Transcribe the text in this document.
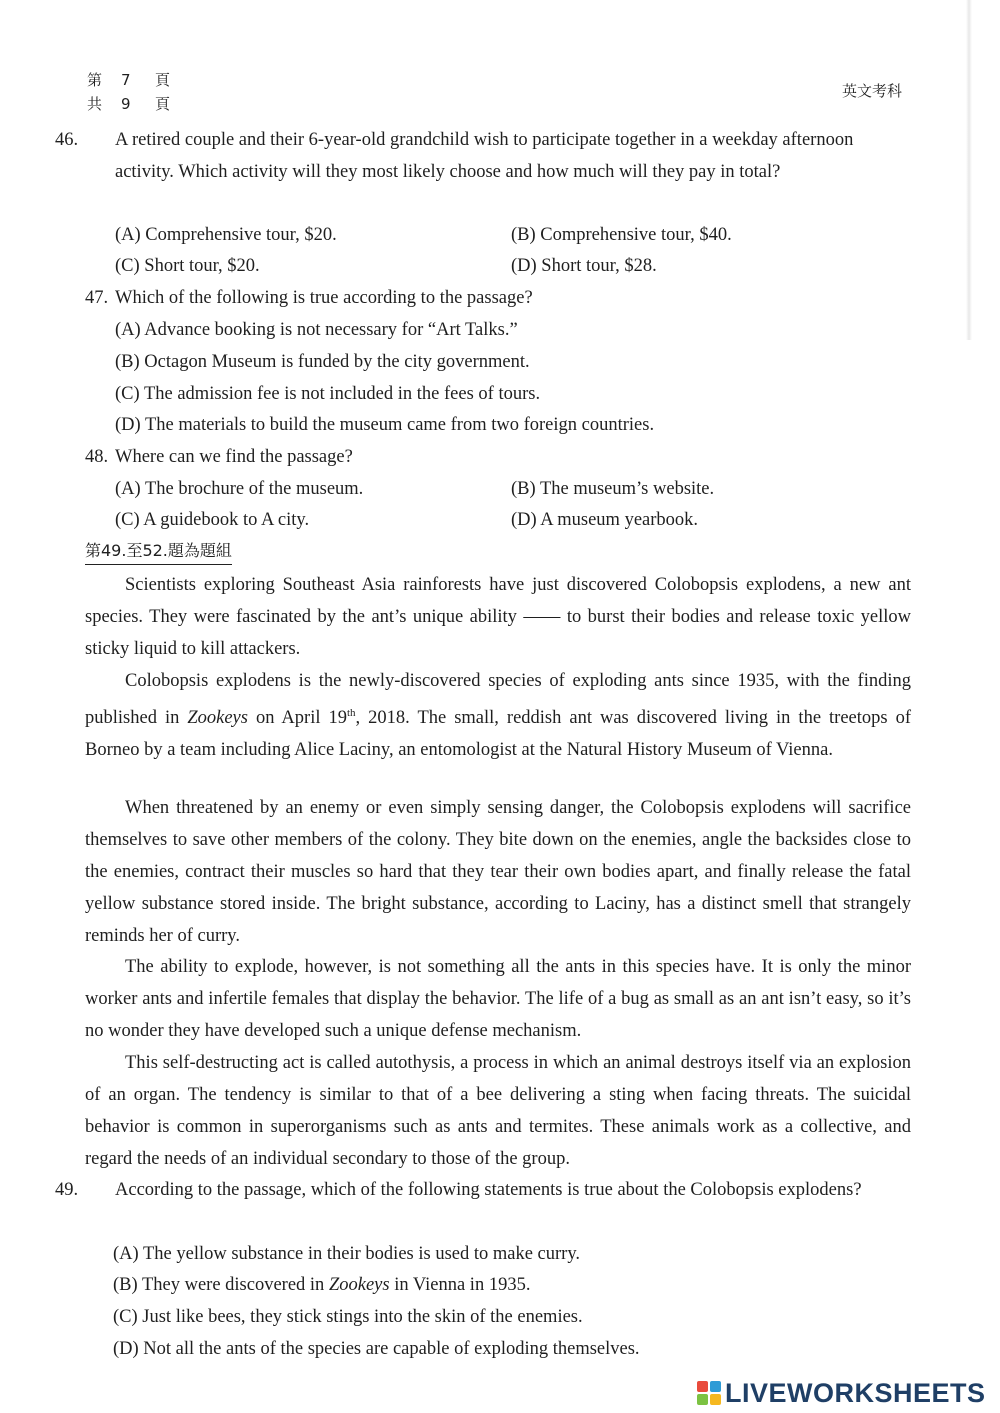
第 7 頁
共 9 頁
英文考科
46. A retired couple and their 6-year-old grandchild wish to participate together in a weekday afternoon activity. Which activity will they most likely choose and how much will they pay in total?
(A) Comprehensive tour, $20.	(B) Comprehensive tour, $40.
(C) Short tour, $20.	(D) Short tour, $28.
47. Which of the following is true according to the passage?
(A) Advance booking is not necessary for “Art Talks.”
(B) Octagon Museum is funded by the city government.
(C) The admission fee is not included in the fees of tours.
(D) The materials to build the museum came from two foreign countries.
48. Where can we find the passage?
(A) The brochure of the museum.	(B) The museum’s website.
(C) A guidebook to A city.	(D) A museum yearbook.
第49.至52.題為題組
Scientists exploring Southeast Asia rainforests have just discovered Colobopsis explodens, a new ant species. They were fascinated by the ant’s unique ability —— to burst their bodies and release toxic yellow sticky liquid to kill attackers.
Colobopsis explodens is the newly-discovered species of exploding ants since 1935, with the finding published in Zookeys on April 19th, 2018. The small, reddish ant was discovered living in the treetops of Borneo by a team including Alice Laciny, an entomologist at the Natural History Museum of Vienna.
When threatened by an enemy or even simply sensing danger, the Colobopsis explodens will sacrifice themselves to save other members of the colony. They bite down on the enemies, angle the backsides close to the enemies, contract their muscles so hard that they tear their own bodies apart, and finally release the fatal yellow substance stored inside. The bright substance, according to Laciny, has a distinct smell that strangely reminds her of curry.
The ability to explode, however, is not something all the ants in this species have. It is only the minor worker ants and infertile females that display the behavior. The life of a bug as small as an ant isn’t easy, so it’s no wonder they have developed such a unique defense mechanism.
This self-destructing act is called autothysis, a process in which an animal destroys itself via an explosion of an organ. The tendency is similar to that of a bee delivering a sting when facing threats. The suicidal behavior is common in superorganisms such as ants and termites. These animals work as a collective, and regard the needs of an individual secondary to those of the group.
49. According to the passage, which of the following statements is true about the Colobopsis explodens?
(A) The yellow substance in their bodies is used to make curry.
(B) They were discovered in Zookeys in Vienna in 1935.
(C) Just like bees, they stick stings into the skin of the enemies.
(D) Not all the ants of the species are capable of exploding themselves.
LIVEWORKSHEETS
